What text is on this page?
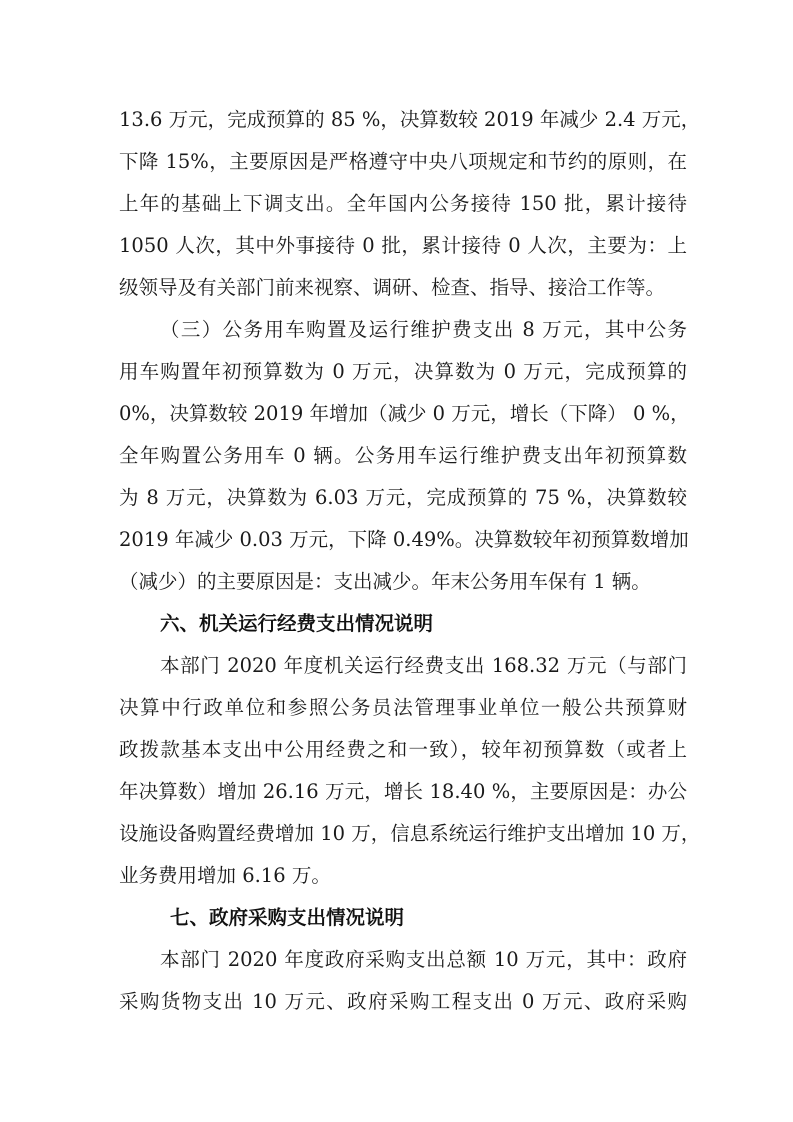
13.6 万元，完成预算的 85 %，决算数较 2019 年减少 2.4 万元，
下降 15%，主要原因是严格遵守中央八项规定和节约的原则，在
上年的基础上下调支出。全年国内公务接待 150 批，累计接待
1050 人次，其中外事接待 0 批，累计接待 0 人次，主要为：上
级领导及有关部门前来视察、调研、检查、指导、接洽工作等。
（三）公务用车购置及运行维护费支出 8 万元，其中公务
用车购置年初预算数为 0 万元，决算数为 0 万元，完成预算的
0%，决算数较 2019 年增加（减少 0 万元，增长（下降） 0 %，
全年购置公务用车 0 辆。公务用车运行维护费支出年初预算数
为 8 万元，决算数为 6.03 万元，完成预算的 75 %，决算数较
2019 年减少 0.03 万元，下降 0.49%。决算数较年初预算数增加
（减少）的主要原因是：支出减少。年末公务用车保有 1 辆。
六、机关运行经费支出情况说明
本部门 2020 年度机关运行经费支出 168.32 万元（与部门
决算中行政单位和参照公务员法管理事业单位一般公共预算财
政拨款基本支出中公用经费之和一致），较年初预算数（或者上
年决算数）增加 26.16 万元，增长 18.40 %，主要原因是：办公
设施设备购置经费增加 10 万，信息系统运行维护支出增加 10 万，
业务费用增加 6.16 万。
七、政府采购支出情况说明
本部门 2020 年度政府采购支出总额 10 万元，其中：政府
采购货物支出 10 万元、政府采购工程支出 0 万元、政府采购
